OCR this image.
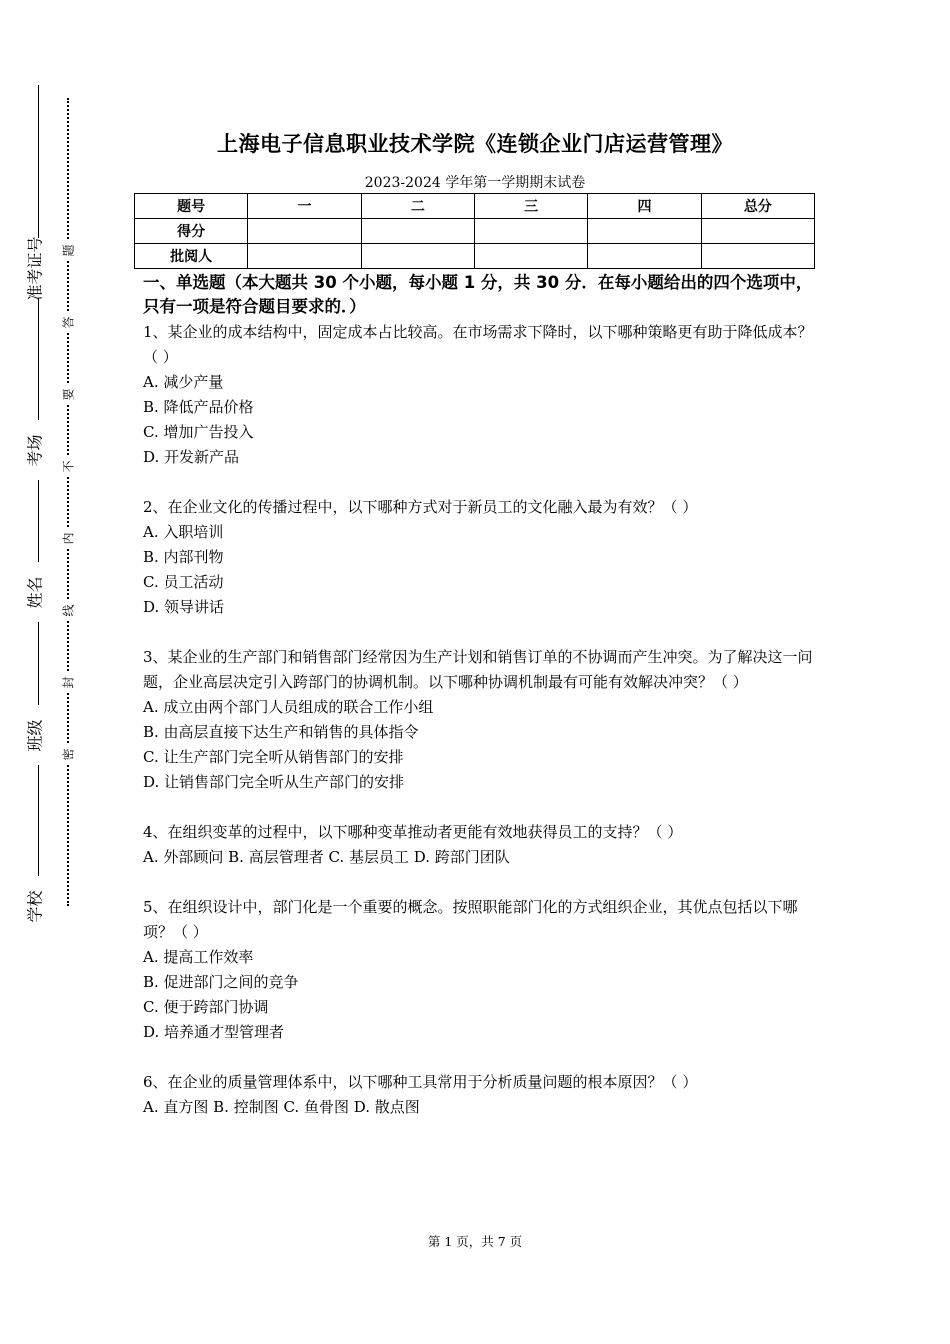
准考证号
考场
姓名
班级
学校
题
答
要
不
内
线
封
密
上海电子信息职业技术学院《连锁企业门店运营管理》
2023-2024 学年第一学期期末试卷
题号	一	二	三	四	总分
得分					
批阅人					
一、单选题（本大题共 30 个小题，每小题 1 分，共 30 分．在每小题给出的四个选项中，只有一项是符合题目要求的．）
1、某企业的成本结构中，固定成本占比较高。在市场需求下降时，以下哪种策略更有助于降低成本？（ ）
A. 减少产量
B. 降低产品价格
C. 增加广告投入
D. 开发新产品
2、在企业文化的传播过程中，以下哪种方式对于新员工的文化融入最为有效？（ ）
A. 入职培训
B. 内部刊物
C. 员工活动
D. 领导讲话
3、某企业的生产部门和销售部门经常因为生产计划和销售订单的不协调而产生冲突。为了解决这一问题，企业高层决定引入跨部门的协调机制。以下哪种协调机制最有可能有效解决冲突？（ ）
A. 成立由两个部门人员组成的联合工作小组
B. 由高层直接下达生产和销售的具体指令
C. 让生产部门完全听从销售部门的安排
D. 让销售部门完全听从生产部门的安排
4、在组织变革的过程中，以下哪种变革推动者更能有效地获得员工的支持？（ ）
A. 外部顾问 B. 高层管理者 C. 基层员工 D. 跨部门团队
5、在组织设计中，部门化是一个重要的概念。按照职能部门化的方式组织企业，其优点包括以下哪项？（ ）
A. 提高工作效率
B. 促进部门之间的竞争
C. 便于跨部门协调
D. 培养通才型管理者
6、在企业的质量管理体系中，以下哪种工具常用于分析质量问题的根本原因？（ ）
A. 直方图 B. 控制图 C. 鱼骨图 D. 散点图
第 1 页，共 7 页
